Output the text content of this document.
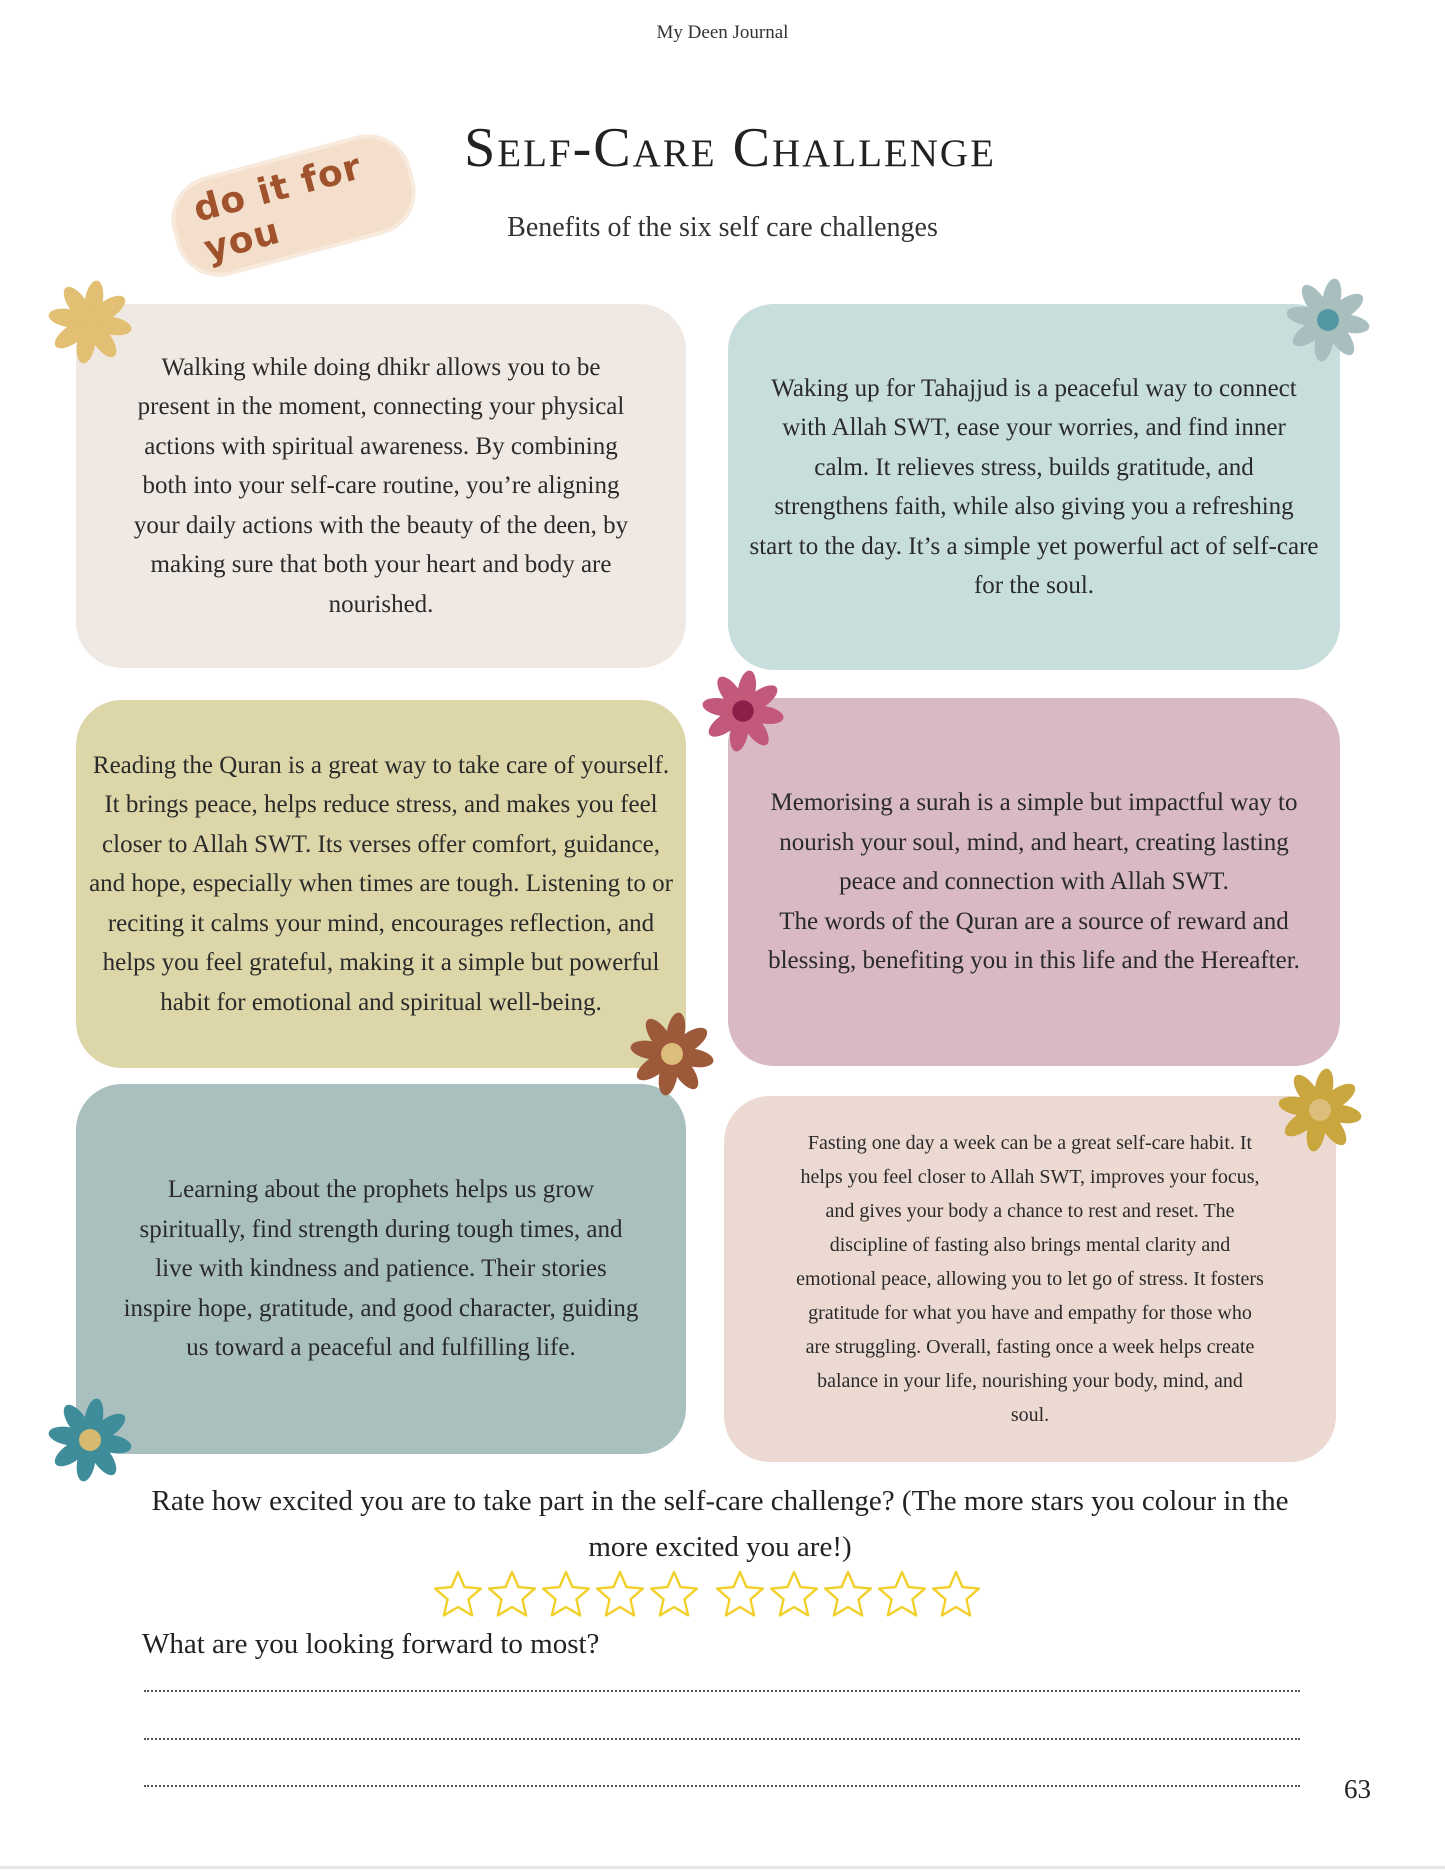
My Deen Journal
do it for you
Self-Care Challenge
Benefits of the six self care challenges

Walking while doing dhikr allows you to be
present in the moment, connecting your physical
actions with spiritual awareness. By combining
both into your self-care routine, you’re aligning
your daily actions with the beauty of the deen, by
making sure that both your heart and body are
nourished.

Waking up for Tahajjud is a peaceful way to connect
with Allah SWT, ease your worries, and find inner
calm. It relieves stress, builds gratitude, and
strengthens faith, while also giving you a refreshing
start to the day. It’s a simple yet powerful act of self-care
for the soul.

Reading the Quran is a great way to take care of yourself.
It brings peace, helps reduce stress, and makes you feel
closer to Allah SWT. Its verses offer comfort, guidance,
and hope, especially when times are tough. Listening to or
reciting it calms your mind, encourages reflection, and
helps you feel grateful, making it a simple but powerful
habit for emotional and spiritual well-being.

Memorising a surah is a simple but impactful way to
nourish your soul, mind, and heart, creating lasting
peace and connection with Allah SWT.
The words of the Quran are a source of reward and
blessing, benefiting you in this life and the Hereafter.

Learning about the prophets helps us grow
spiritually, find strength during tough times, and
live with kindness and patience. Their stories
inspire hope, gratitude, and good character, guiding
us toward a peaceful and fulfilling life.

Fasting one day a week can be a great self-care habit. It
helps you feel closer to Allah SWT, improves your focus,
and gives your body a chance to rest and reset. The
discipline of fasting also brings mental clarity and
emotional peace, allowing you to let go of stress. It fosters
gratitude for what you have and empathy for those who
are struggling. Overall, fasting once a week helps create
balance in your life, nourishing your body, mind, and
soul.

Rate how excited you are to take part in the self-care challenge? (The more stars you colour in the more excited you are!)
What are you looking forward to most?
63
